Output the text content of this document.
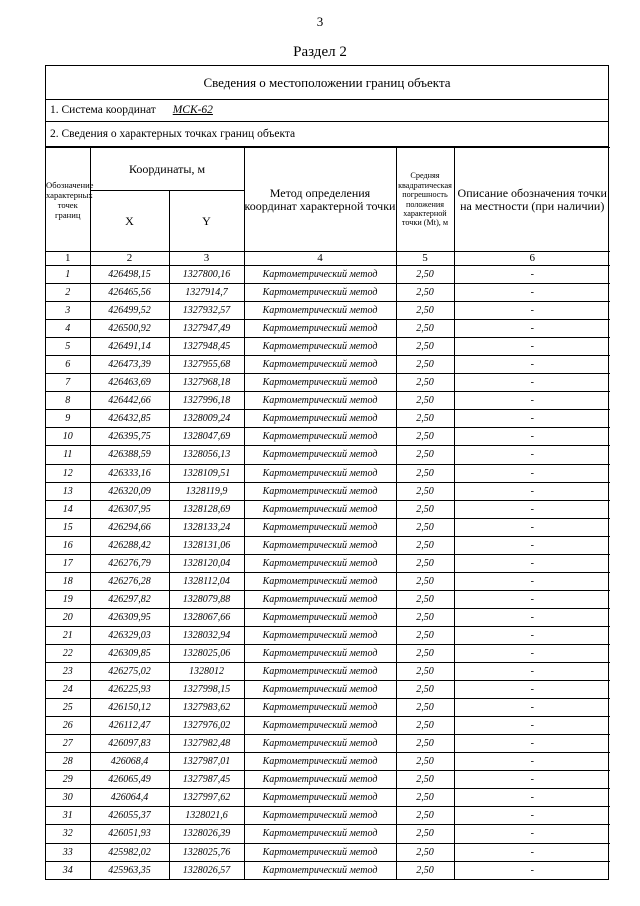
3
Раздел 2
Сведения о местоположении границ объекта
1. Система координат МСК-62
2. Сведения о характерных точках границ объекта
Обозначение характерных точек границ	Координаты, м		Метод определения координат характерной точки	Средняя квадратическая погрешность положения характерной точки (Mt), м	Описание обозначения точки на местности (при наличии)
	X	Y			
1	2	3	4	5	6
1	426498,15	1327800,16	Картометрический метод	2,50	-
2	426465,56	1327914,7	Картометрический метод	2,50	-
3	426499,52	1327932,57	Картометрический метод	2,50	-
4	426500,92	1327947,49	Картометрический метод	2,50	-
5	426491,14	1327948,45	Картометрический метод	2,50	-
6	426473,39	1327955,68	Картометрический метод	2,50	-
7	426463,69	1327968,18	Картометрический метод	2,50	-
8	426442,66	1327996,18	Картометрический метод	2,50	-
9	426432,85	1328009,24	Картометрический метод	2,50	-
10	426395,75	1328047,69	Картометрический метод	2,50	-
11	426388,59	1328056,13	Картометрический метод	2,50	-
12	426333,16	1328109,51	Картометрический метод	2,50	-
13	426320,09	1328119,9	Картометрический метод	2,50	-
14	426307,95	1328128,69	Картометрический метод	2,50	-
15	426294,66	1328133,24	Картометрический метод	2,50	-
16	426288,42	1328131,06	Картометрический метод	2,50	-
17	426276,79	1328120,04	Картометрический метод	2,50	-
18	426276,28	1328112,04	Картометрический метод	2,50	-
19	426297,82	1328079,88	Картометрический метод	2,50	-
20	426309,95	1328067,66	Картометрический метод	2,50	-
21	426329,03	1328032,94	Картометрический метод	2,50	-
22	426309,85	1328025,06	Картометрический метод	2,50	-
23	426275,02	1328012	Картометрический метод	2,50	-
24	426225,93	1327998,15	Картометрический метод	2,50	-
25	426150,12	1327983,62	Картометрический метод	2,50	-
26	426112,47	1327976,02	Картометрический метод	2,50	-
27	426097,83	1327982,48	Картометрический метод	2,50	-
28	426068,4	1327987,01	Картометрический метод	2,50	-
29	426065,49	1327987,45	Картометрический метод	2,50	-
30	426064,4	1327997,62	Картометрический метод	2,50	-
31	426055,37	1328021,6	Картометрический метод	2,50	-
32	426051,93	1328026,39	Картометрический метод	2,50	-
33	425982,02	1328025,76	Картометрический метод	2,50	-
34	425963,35	1328026,57	Картометрический метод	2,50	-
